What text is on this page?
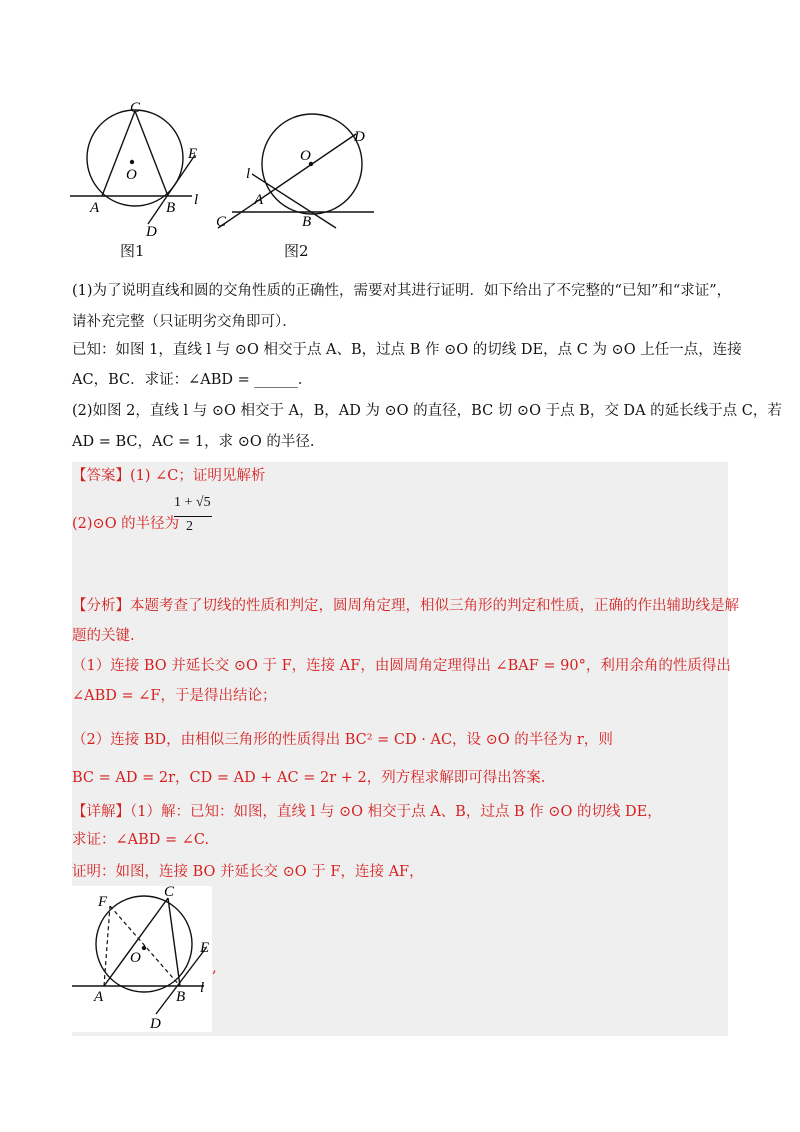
C
O
E
A	B l
D
图1
O
D
l
A
B
C
图2
(1)为了说明直线和圆的交角性质的正确性，需要对其进行证明．如下给出了不完整的“已知”和“求证”，
请补充完整（只证明劣交角即可）．
已知：如图 1，直线 l 与 ⊙O 相交于点 A、B，过点 B 作 ⊙O 的切线 DE，点 C 为 ⊙O 上任一点，连接
AC，BC．求证：∠ABD = ______．
(2)如图 2，直线 l 与 ⊙O 相交于 A，B，AD 为 ⊙O 的直径，BC 切 ⊙O 于点 B，交 DA 的延长线于点 C，若
AD = BC，AC = 1，求 ⊙O 的半径.
【答案】(1) ∠C；证明见解析
(2)⊙O 的半径为
1 + √5
2
【分析】本题考查了切线的性质和判定，圆周角定理，相似三角形的判定和性质，正确的作出辅助线是解
题的关键.
（1）连接 BO 并延长交 ⊙O 于 F，连接 AF，由圆周角定理得出 ∠BAF = 90°，利用余角的性质得出
∠ABD = ∠F，于是得出结论；
（2）连接 BD，由相似三角形的性质得出 BC² = CD · AC，设 ⊙O 的半径为 r，则
BC = AD = 2r，CD = AD + AC = 2r + 2，列方程求解即可得出答案.
【详解】（1）解：已知：如图，直线 l 与 ⊙O 相交于点 A、B，过点 B 作 ⊙O 的切线 DE，
求证：∠ABD = ∠C.
证明：如图，连接 BO 并延长交 ⊙O 于 F，连接 AF，
F
C
O
E
A	B
l
D
,
